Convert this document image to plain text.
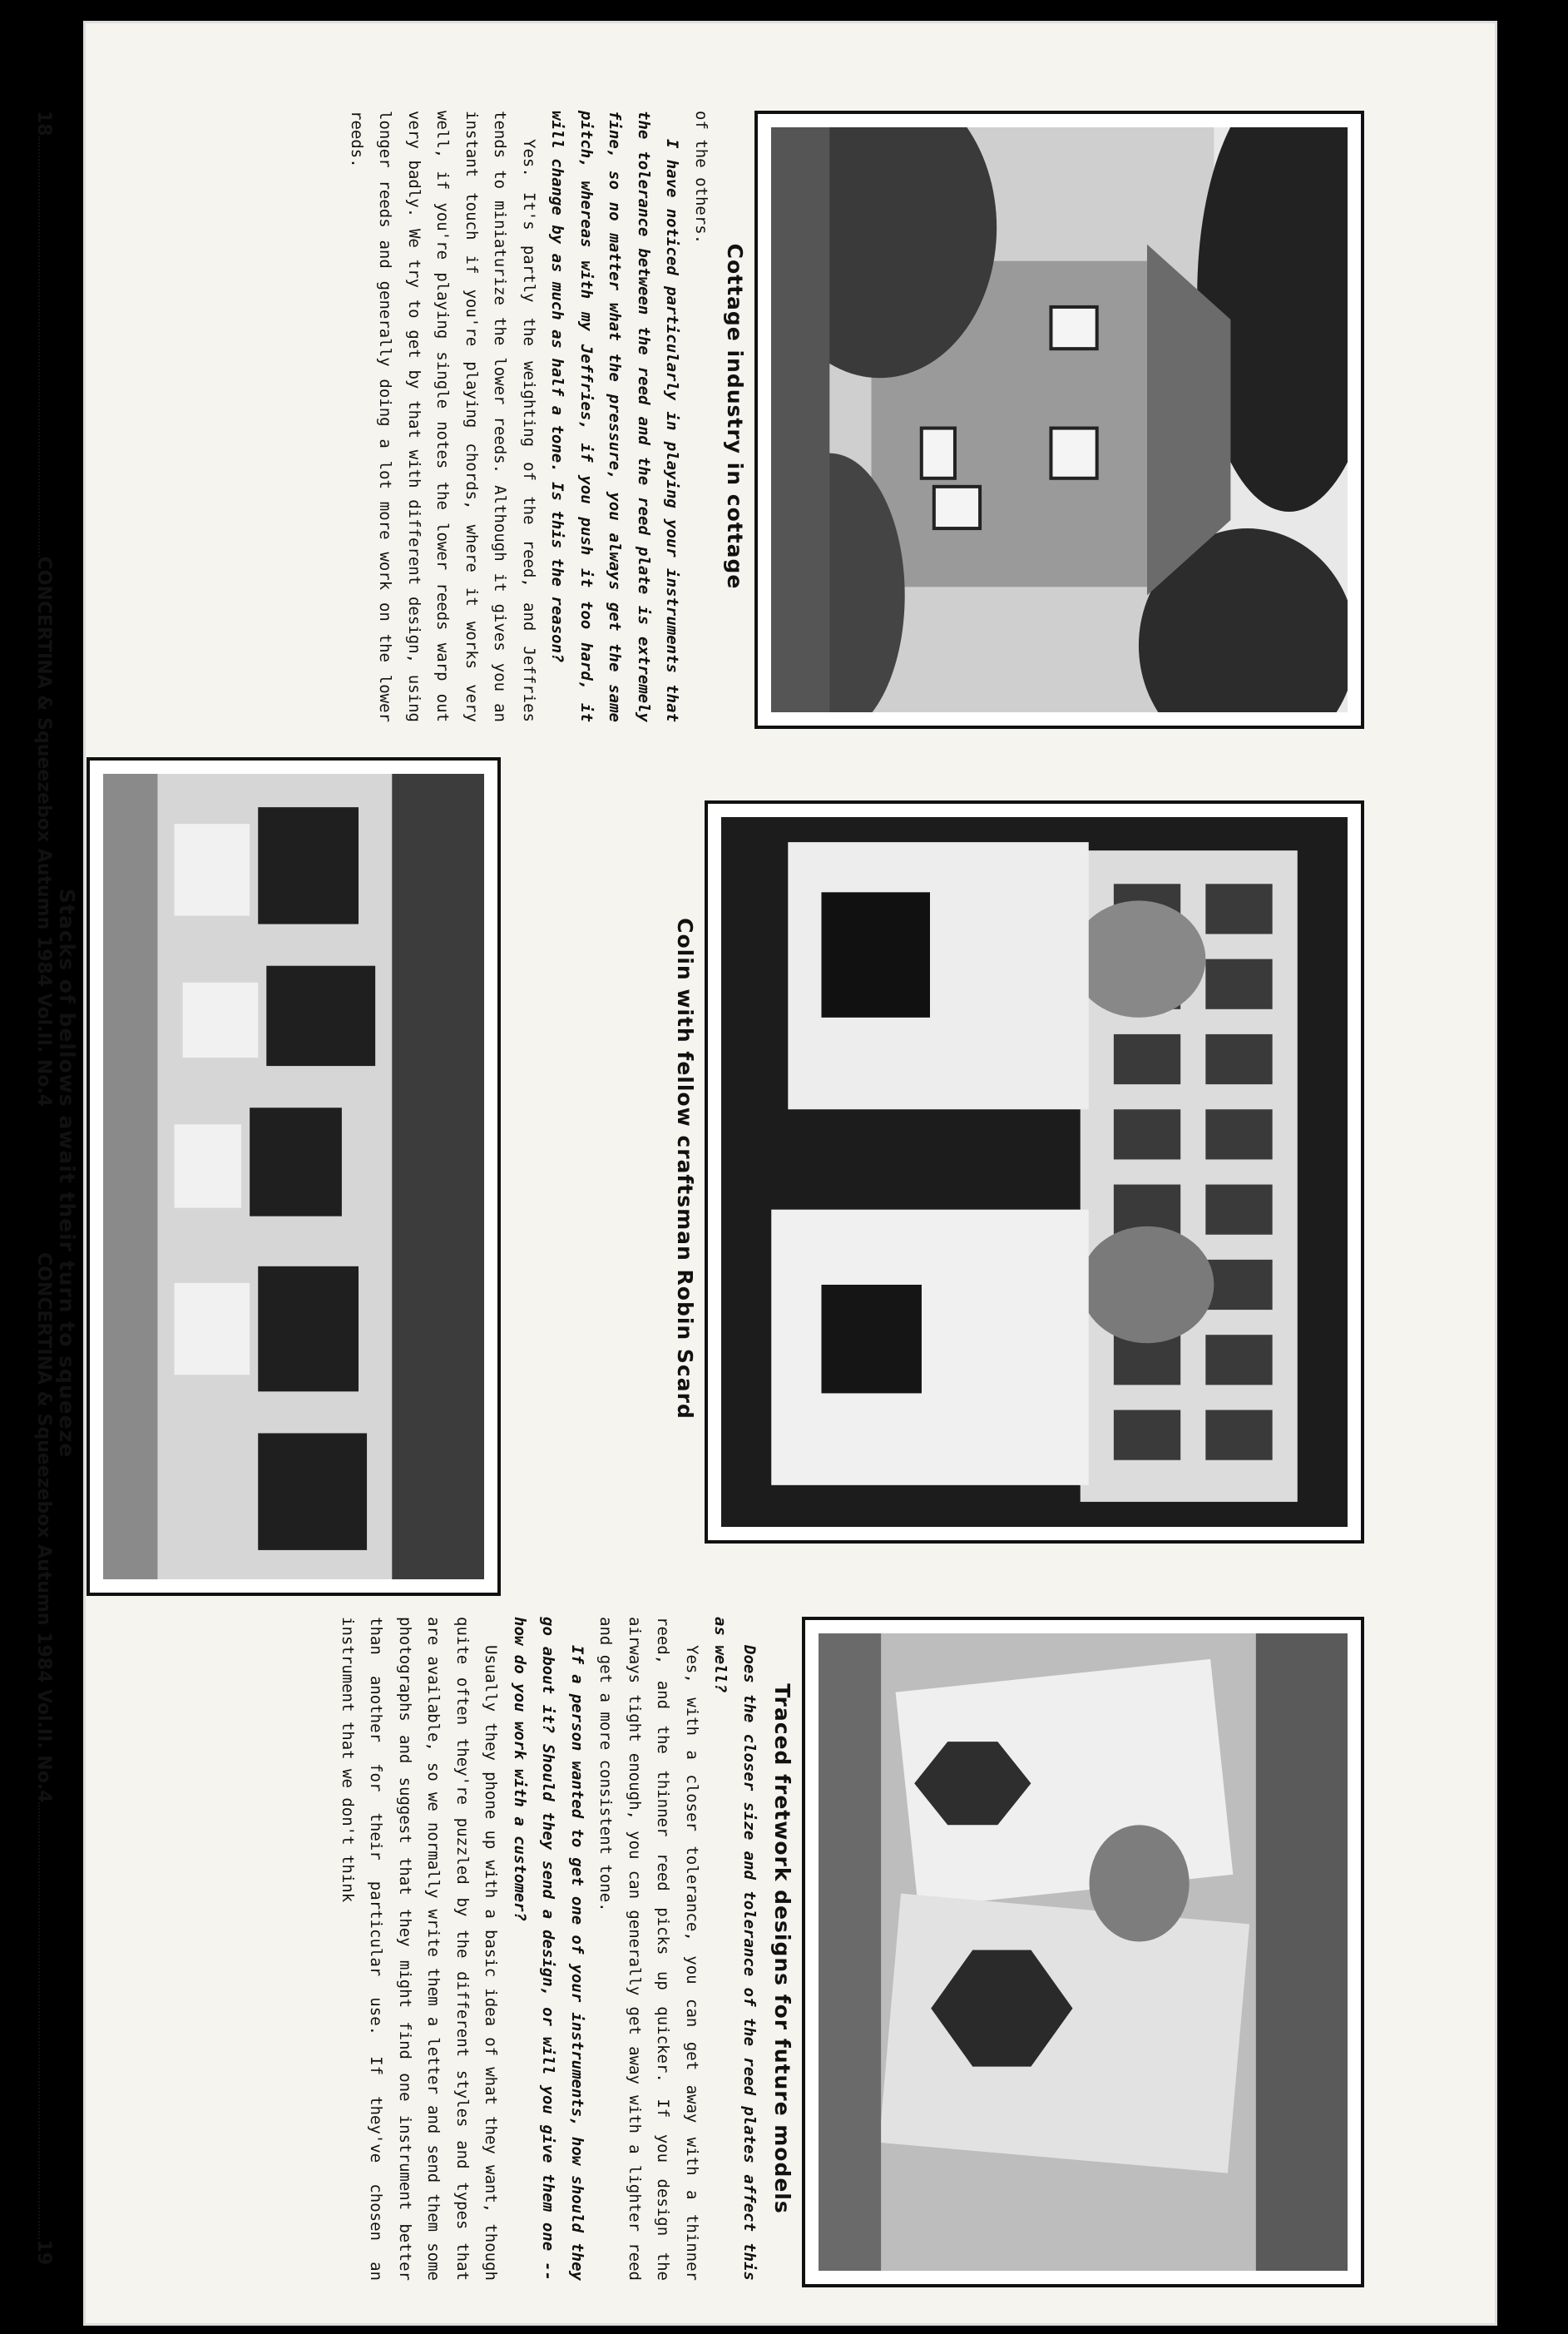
Cottage industry in cottage
Colin with fellow craftsman Robin Scard
Traced fretwork designs for future models
Stacks of bellows await their turn to squeeze

of the others.

I have noticed particularly in playing your instruments that the tolerance between the reed and the reed plate is extremely fine, so no matter what the pressure, you always get the same pitch, whereas with my Jeffries, if you push it too hard, it will change by as much as half a tone. Is this the reason?

Yes. It's partly the weighting of the reed, and Jeffries tends to miniaturize the lower reeds. Although it gives you an instant touch if you're playing chords, where it works very well, if you're playing single notes the lower reeds warp out very badly. We try to get by that with different design, using longer reeds and generally doing a lot more work on the lower reeds.

Does the closer size and tolerance of the reed plates affect this as well?

Yes, with a closer tolerance, you can get away with a thinner reed, and the thinner reed picks up quicker. If you design the airways tight enough, you can generally get away with a lighter reed and get a more consistent tone.

If a person wanted to get one of your instruments, how should they go about it? Should they send a design, or will you give them one -- how do you work with a customer?

Usually they phone up with a basic idea of what they want, though quite often they're puzzled by the different styles and types that are available, so we normally write them a letter and send them some photographs and suggest that they might find one instrument better than another for their particular use. If they've chosen an instrument that we don't think

18CONCERTINA & Squeezebox Autumn 1984 Vol.II. No.4
CONCERTINA & Squeezebox Autumn 1984 Vol.II. No.419
